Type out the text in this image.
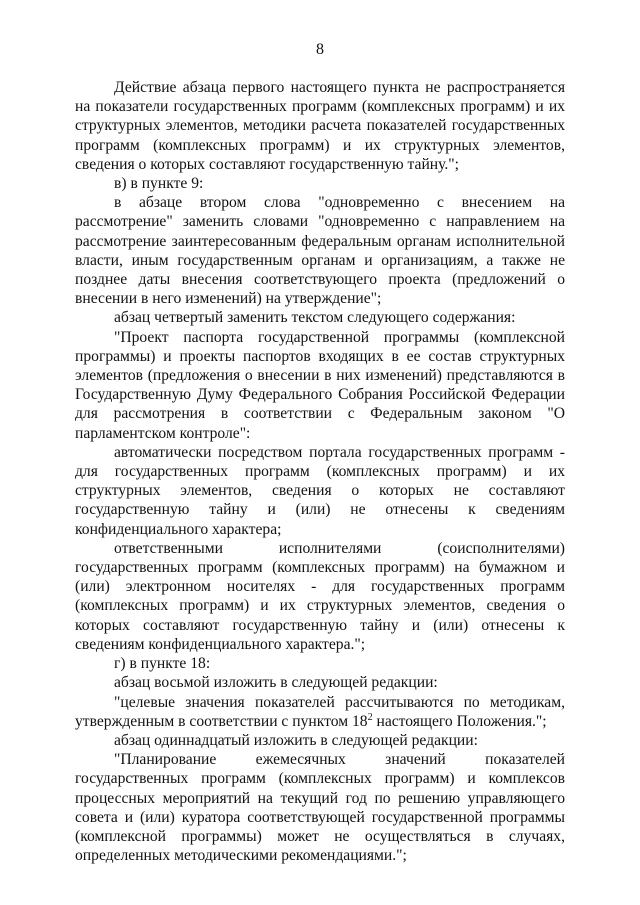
8

Действие абзаца первого настоящего пункта не распространяется на показатели государственных программ (комплексных программ) и их структурных элементов, методики расчета показателей государственных программ (комплексных программ) и их структурных элементов, сведения о которых составляют государственную тайну.";

в) в пункте 9:

в абзаце втором слова "одновременно с внесением на рассмотрение" заменить словами "одновременно с направлением на рассмотрение заинтересованным федеральным органам исполнительной власти, иным государственным органам и организациям, а также не позднее даты внесения соответствующего проекта (предложений о внесении в него изменений) на утверждение";

абзац четвертый заменить текстом следующего содержания:

"Проект паспорта государственной программы (комплексной программы) и проекты паспортов входящих в ее состав структурных элементов (предложения о внесении в них изменений) представляются в Государственную Думу Федерального Собрания Российской Федерации для рассмотрения в соответствии с Федеральным законом "О парламентском контроле":

автоматически посредством портала государственных программ - для государственных программ (комплексных программ) и их структурных элементов, сведения о которых не составляют государственную тайну и (или) не отнесены к сведениям конфиденциального характера;

ответственными исполнителями (соисполнителями) государственных программ (комплексных программ) на бумажном и (или) электронном носителях - для государственных программ (комплексных программ) и их структурных элементов, сведения о которых составляют государственную тайну и (или) отнесены к сведениям конфиденциального характера.";

г) в пункте 18:

абзац восьмой изложить в следующей редакции:

"целевые значения показателей рассчитываются по методикам, утвержденным в соответствии с пунктом $18^2$ настоящего Положения.";

абзац одиннадцатый изложить в следующей редакции:

"Планирование ежемесячных значений показателей государственных программ (комплексных программ) и комплексов процессных мероприятий на текущий год по решению управляющего совета и (или) куратора соответствующей государственной программы (комплексной программы) может не осуществляться в случаях, определенных методическими рекомендациями.";
